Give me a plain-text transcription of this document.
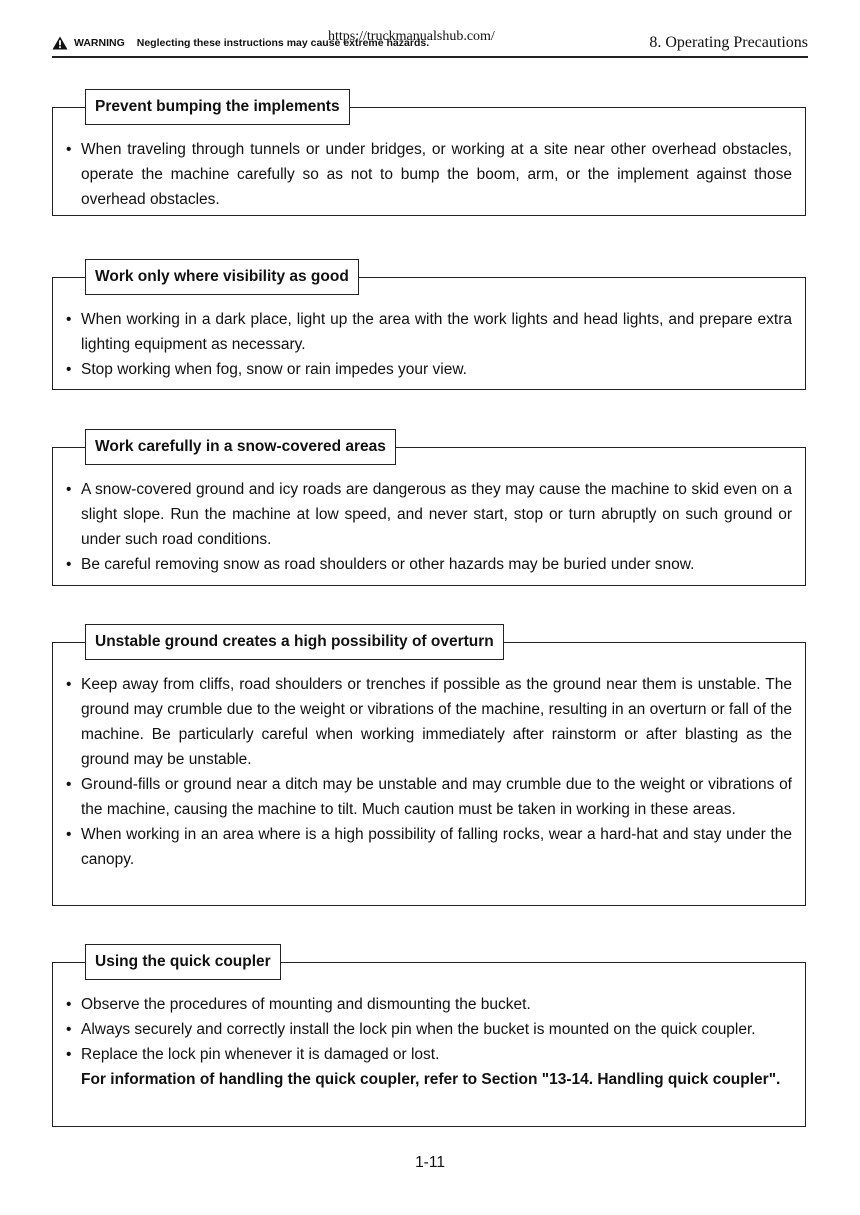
WARNING Neglecting these instructions may cause extreme hazards.
https://truckmanualshub.com/	8. Operating Precautions
Prevent bumping the implements
• When traveling through tunnels or under bridges, or working at a site near other overhead obstacles, operate the machine carefully so as not to bump the boom, arm, or the implement against those overhead obstacles.
Work only where visibility as good
• When working in a dark place, light up the area with the work lights and head lights, and prepare extra lighting equipment as necessary.
• Stop working when fog, snow or rain impedes your view.
Work carefully in a snow-covered areas
• A snow-covered ground and icy roads are dangerous as they may cause the machine to skid even on a slight slope. Run the machine at low speed, and never start, stop or turn abruptly on such ground or under such road conditions.
• Be careful removing snow as road shoulders or other hazards may be buried under snow.
Unstable ground creates a high possibility of overturn
• Keep away from cliffs, road shoulders or trenches if possible as the ground near them is unstable. The ground may crumble due to the weight or vibrations of the machine, resulting in an overturn or fall of the machine. Be particularly careful when working immediately after rainstorm or after blasting as the ground may be unstable.
• Ground-fills or ground near a ditch may be unstable and may crumble due to the weight or vibrations of the machine, causing the machine to tilt. Much caution must be taken in working in these areas.
• When working in an area where is a high possibility of falling rocks, wear a hard-hat and stay under the canopy.
Using the quick coupler
• Observe the procedures of mounting and dismounting the bucket.
• Always securely and correctly install the lock pin when the bucket is mounted on the quick coupler.
• Replace the lock pin whenever it is damaged or lost.
For information of handling the quick coupler, refer to Section "13-14. Handling quick coupler".
1-11
